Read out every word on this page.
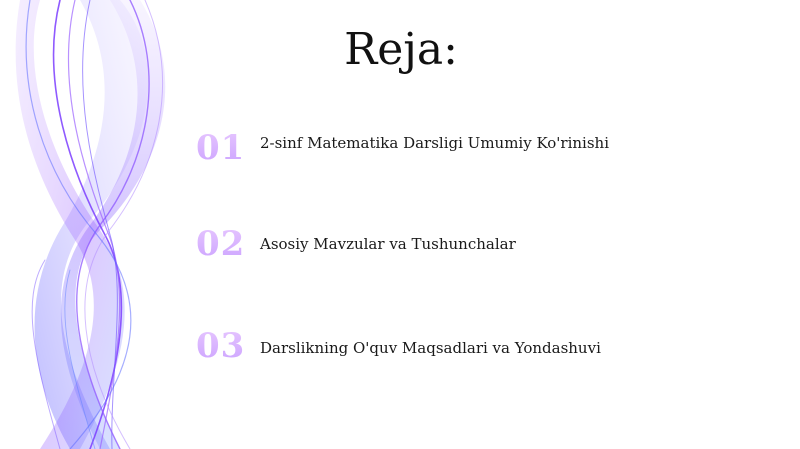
Reja:
01 2-sinf Matematika Darsligi Umumiy Ko'rinishi
02 Asosiy Mavzular va Tushunchalar
03 Darslikning O'quv Maqsadlari va Yondashuvi
